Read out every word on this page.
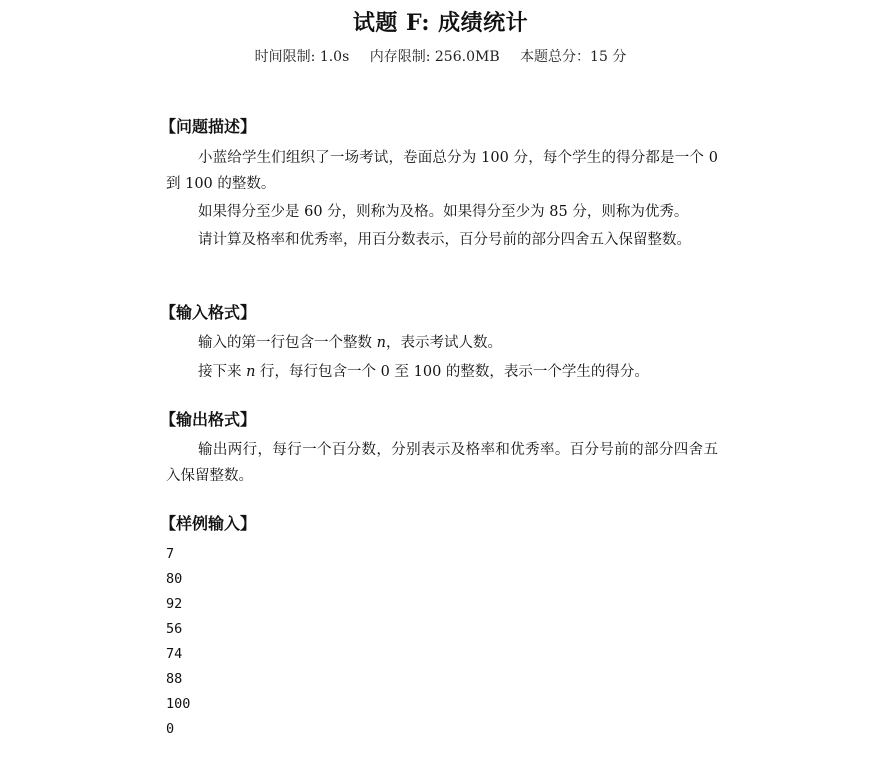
试题 F: 成绩统计
时间限制: 1.0s 内存限制: 256.0MB 本题总分：15 分
【问题描述】
小蓝给学生们组织了一场考试，卷面总分为 100 分，每个学生的得分都是一个 0 到 100 的整数。
如果得分至少是 60 分，则称为及格。如果得分至少为 85 分，则称为优秀。
请计算及格率和优秀率，用百分数表示，百分号前的部分四舍五入保留整数。
【输入格式】
输入的第一行包含一个整数 n，表示考试人数。
接下来 n 行，每行包含一个 0 至 100 的整数，表示一个学生的得分。
【输出格式】
输出两行，每行一个百分数，分别表示及格率和优秀率。百分号前的部分四舍五入保留整数。
【样例输入】
7
80
92
56
74
88
100
0
